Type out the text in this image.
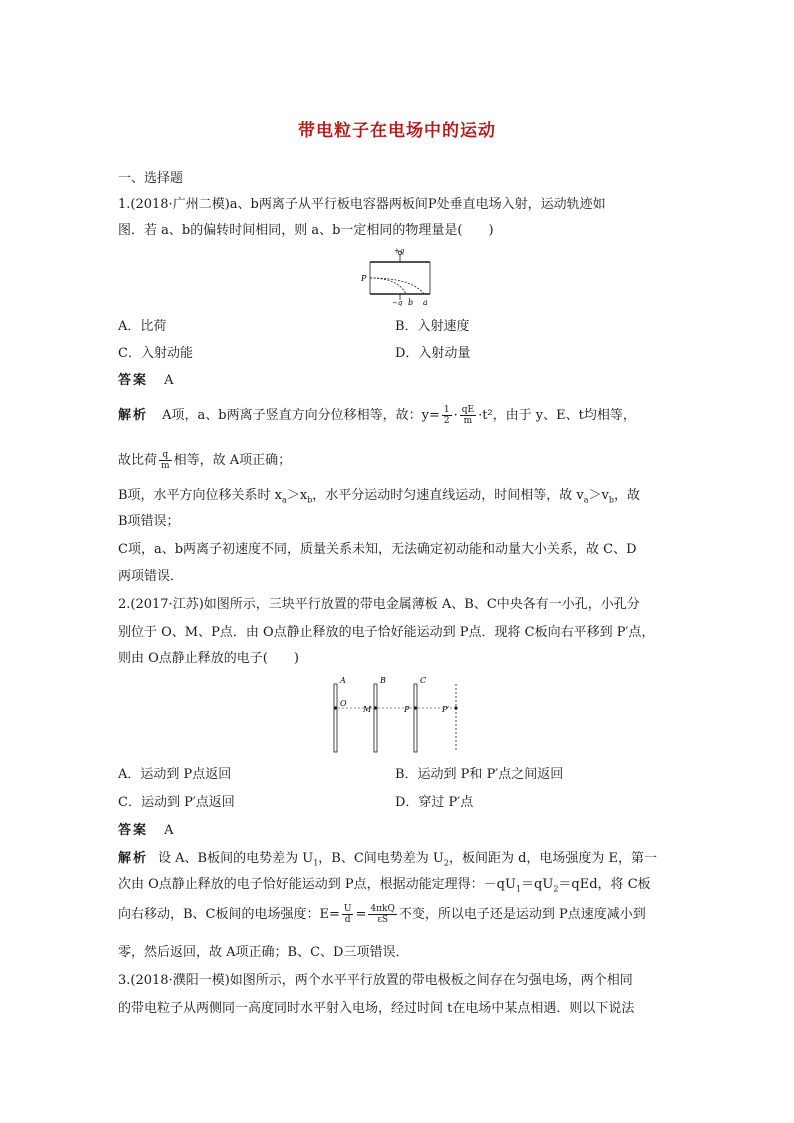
带电粒子在电场中的运动
一、选择题
1.(2018·广州二模)a、b两离子从平行板电容器两板间P处垂直电场入射，运动轨迹如
图．若 a、b的偏转时间相同，则 a、b一定相同的物理量是(　　)
+q
P
−q b a
A．比荷	B．入射速度
C．入射动能	D．入射动量
答案 A
解析 A项，a、b两离子竖直方向分位移相等，故：$y= \frac{1}{2} \cdot \frac{qE}{m} \cdot t^2$，由于 y、E、t均相等，
故比荷 $\frac{q}{m}$ 相等，故 A项正确；
B项，水平方向位移关系时 $x_a>x_b$，水平分运动时匀速直线运动，时间相等，故 $v_a>v_b$，故
B项错误；
C项，a、b两离子初速度不同，质量关系未知，无法确定初动能和动量大小关系，故 C、D
两项错误．
2.(2017·江苏)如图所示，三块平行放置的带电金属薄板 A、B、C中央各有一小孔，小孔分
别位于 O、M、P点．由 O点静止释放的电子恰好能运动到 P点．现将 C板向右平移到 P′点，
则由 O点静止释放的电子(　　)
A	B	C
O
M	P	P′
A．运动到 P点返回	B．运动到 P和 P′点之间返回
C．运动到 P′点返回	D．穿过 P′点
答案 A
解析 设 A、B板间的电势差为 $U_1$，B、C间电势差为 $U_2$，板间距为 d，电场强度为 E，第一
次由 O点静止释放的电子恰好能运动到 P点，根据动能定理得：$-qU_1=qU_2=qEd$，将 C板
向右移动，B、C板间的电场强度：$E= \frac{U}{d} = \frac{\text{4πkQ}}{\varepsilon S}$ 不变，所以电子还是运动到 P点速度减小到
零，然后返回，故 A项正确；B、C、D三项错误．
3.(2018·濮阳一模)如图所示，两个水平平行放置的带电极板之间存在匀强电场，两个相同
的带电粒子从两侧同一高度同时水平射入电场，经过时间 t在电场中某点相遇．则以下说法
